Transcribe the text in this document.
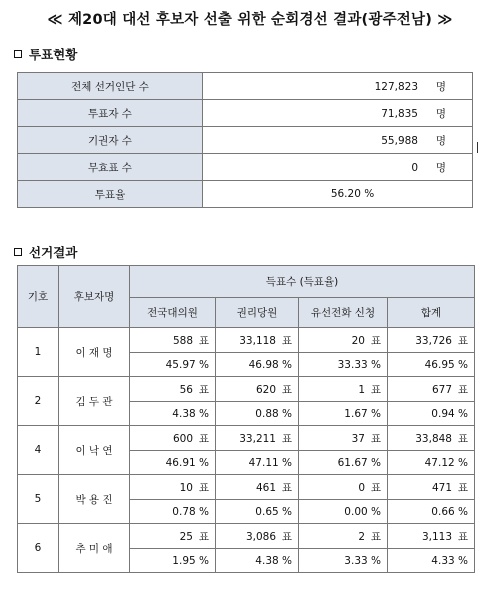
≪ 제20대 대선 후보자 선출 위한 순회경선 결과(광주전남) ≫
투표현황
전체 선거인단 수	127,823 명
투표자 수	71,835 명
기권자 수	55,988 명
무효표 수	0 명
투표율	56.20 %
선거결과
기호	후보자명	득표수 (득표율)			
		전국대의원	권리당원	유선전화 신청	합계
1	이 재 명	588 표	33,118 표	20 표	33,726 표
		45.97 %	46.98 %	33.33 %	46.95 %
2	김 두 관	56 표	620 표	1 표	677 표
		4.38 %	0.88 %	1.67 %	0.94 %
4	이 낙 연	600 표	33,211 표	37 표	33,848 표
		46.91 %	47.11 %	61.67 %	47.12 %
5	박 용 진	10 표	461 표	0 표	471 표
		0.78 %	0.65 %	0.00 %	0.66 %
6	추 미 애	25 표	3,086 표	2 표	3,113 표
		1.95 %	4.38 %	3.33 %	4.33 %
